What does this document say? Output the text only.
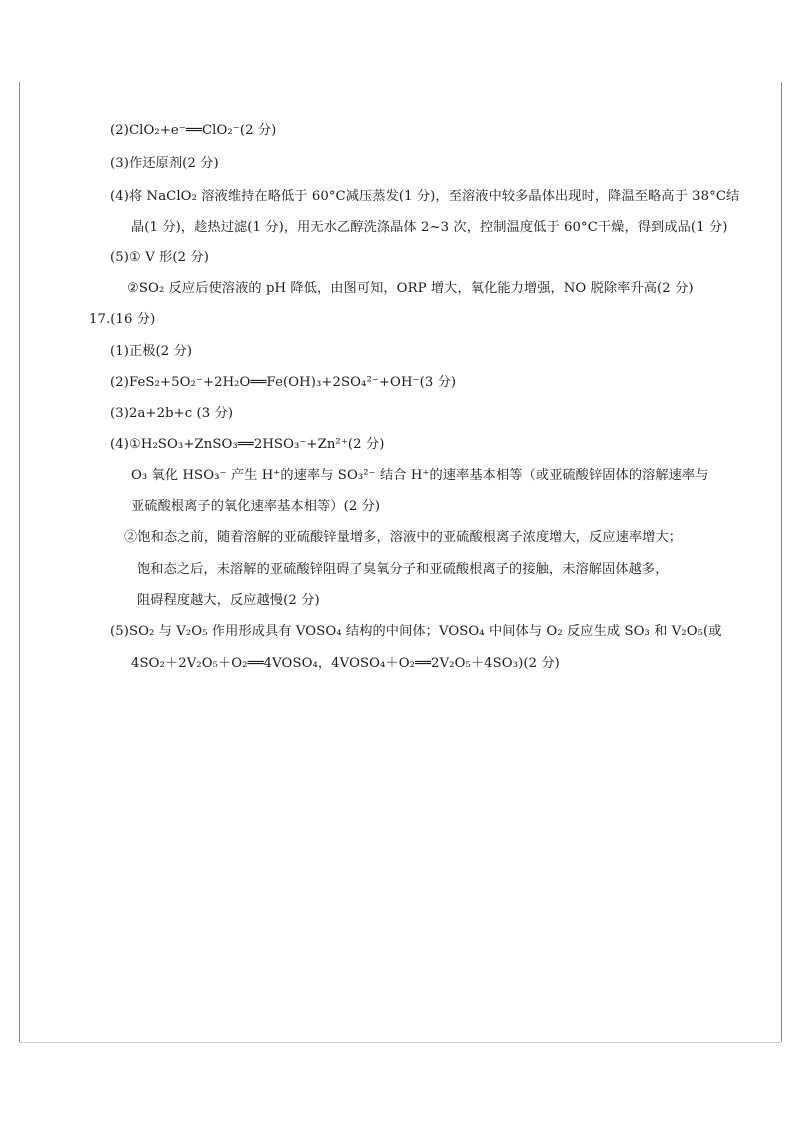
(2)ClO₂+e⁻══ClO₂⁻(2 分)
(3)作还原剂(2 分)
(4)将 NaClO₂ 溶液维持在略低于 60°C减压蒸发(1 分)，至溶液中较多晶体出现时，降温至略高于 38°C结
晶(1 分)，趁热过滤(1 分)，用无水乙醇洗涤晶体 2~3 次，控制温度低于 60°C干燥，得到成品(1 分)
(5)① V 形(2 分)
②SO₂ 反应后使溶液的 pH 降低，由图可知，ORP 增大，氧化能力增强，NO 脱除率升高(2 分)
17.(16 分)
(1)正极(2 分)
(2)FeS₂+5O₂⁻+2H₂O══Fe(OH)₃+2SO₄²⁻+OH⁻(3 分)
(3)2a+2b+c (3 分)
(4)①H₂SO₃+ZnSO₃══2HSO₃⁻+Zn²⁺(2 分)
O₃ 氧化 HSO₃⁻ 产生 H⁺的速率与 SO₃²⁻ 结合 H⁺的速率基本相等（或亚硫酸锌固体的溶解速率与
亚硫酸根离子的氧化速率基本相等）(2 分)
②饱和态之前，随着溶解的亚硫酸锌量增多，溶液中的亚硫酸根离子浓度增大，反应速率增大；
饱和态之后，未溶解的亚硫酸锌阻碍了臭氧分子和亚硫酸根离子的接触，未溶解固体越多，
阻碍程度越大，反应越慢(2 分)
(5)SO₂ 与 V₂O₅ 作用形成具有 VOSO₄ 结构的中间体；VOSO₄ 中间体与 O₂ 反应生成 SO₃ 和 V₂O₅(或
4SO₂＋2V₂O₅＋O₂══4VOSO₄，4VOSO₄＋O₂══2V₂O₅＋4SO₃)(2 分)
